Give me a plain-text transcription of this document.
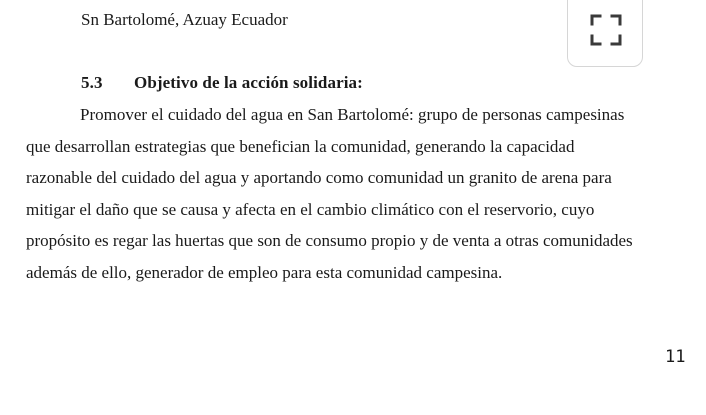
Sn Bartolomé, Azuay Ecuador
5.3 Objetivo de la acción solidaria:

Promover el cuidado del agua en San Bartolomé: grupo de personas campesinas
que desarrollan estrategias que benefician la comunidad, generando la capacidad
razonable del cuidado del agua y aportando como comunidad un granito de arena para
mitigar el daño que se causa y afecta en el cambio climático con el reservorio, cuyo
propósito es regar las huertas que son de consumo propio y de venta a otras comunidades
además de ello, generador de empleo para esta comunidad campesina.

11
